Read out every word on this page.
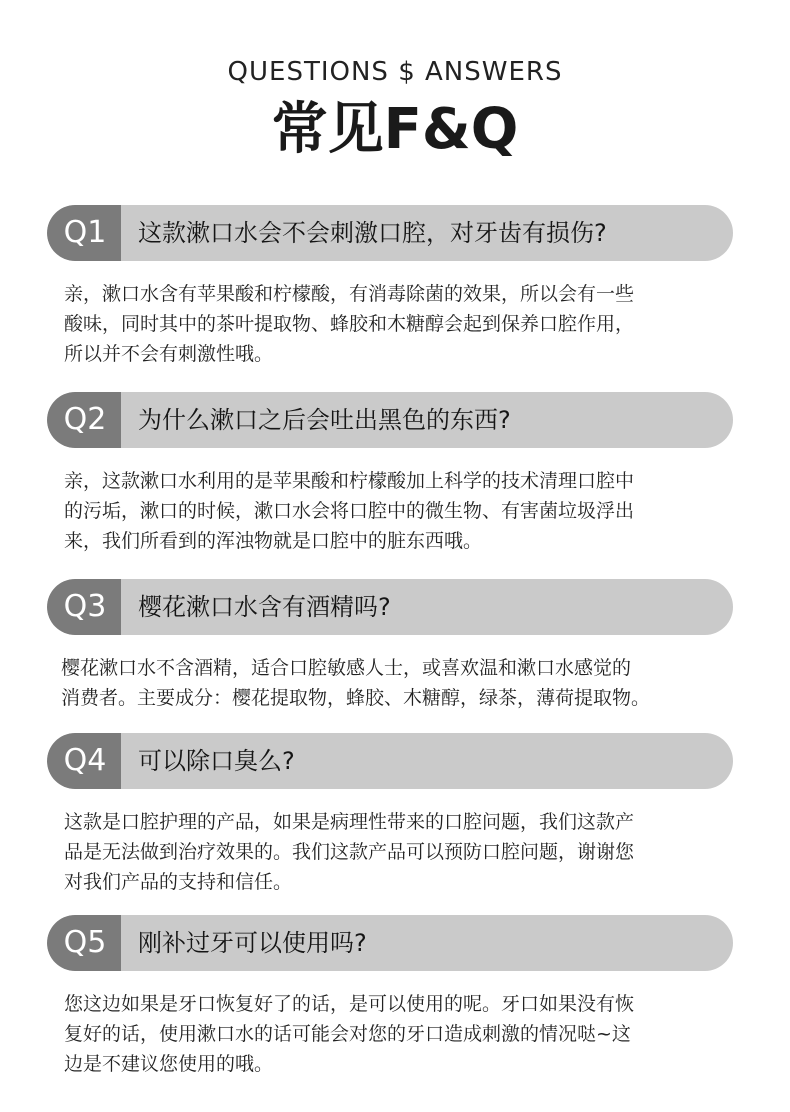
QUESTIONS $ ANSWERS
常见F&Q
Q1	这款漱口水会不会刺激口腔，对牙齿有损伤?
亲，漱口水含有苹果酸和柠檬酸，有消毒除菌的效果，所以会有一些
酸味，同时其中的茶叶提取物、蜂胶和木糖醇会起到保养口腔作用，
所以并不会有刺激性哦。
Q2	为什么漱口之后会吐出黑色的东西?
亲，这款漱口水利用的是苹果酸和柠檬酸加上科学的技术清理口腔中
的污垢，漱口的时候，漱口水会将口腔中的微生物、有害菌垃圾浮出
来，我们所看到的浑浊物就是口腔中的脏东西哦。
Q3	樱花漱口水含有酒精吗?
樱花漱口水不含酒精，适合口腔敏感人士，或喜欢温和漱口水感觉的
消费者。主要成分：樱花提取物，蜂胶、木糖醇，绿茶，薄荷提取物。
Q4	可以除口臭么?
这款是口腔护理的产品，如果是病理性带来的口腔问题，我们这款产
品是无法做到治疗效果的。我们这款产品可以预防口腔问题，谢谢您
对我们产品的支持和信任。
Q5	刚补过牙可以使用吗?
您这边如果是牙口恢复好了的话，是可以使用的呢。牙口如果没有恢
复好的话，使用漱口水的话可能会对您的牙口造成刺激的情况哒~这
边是不建议您使用的哦。
